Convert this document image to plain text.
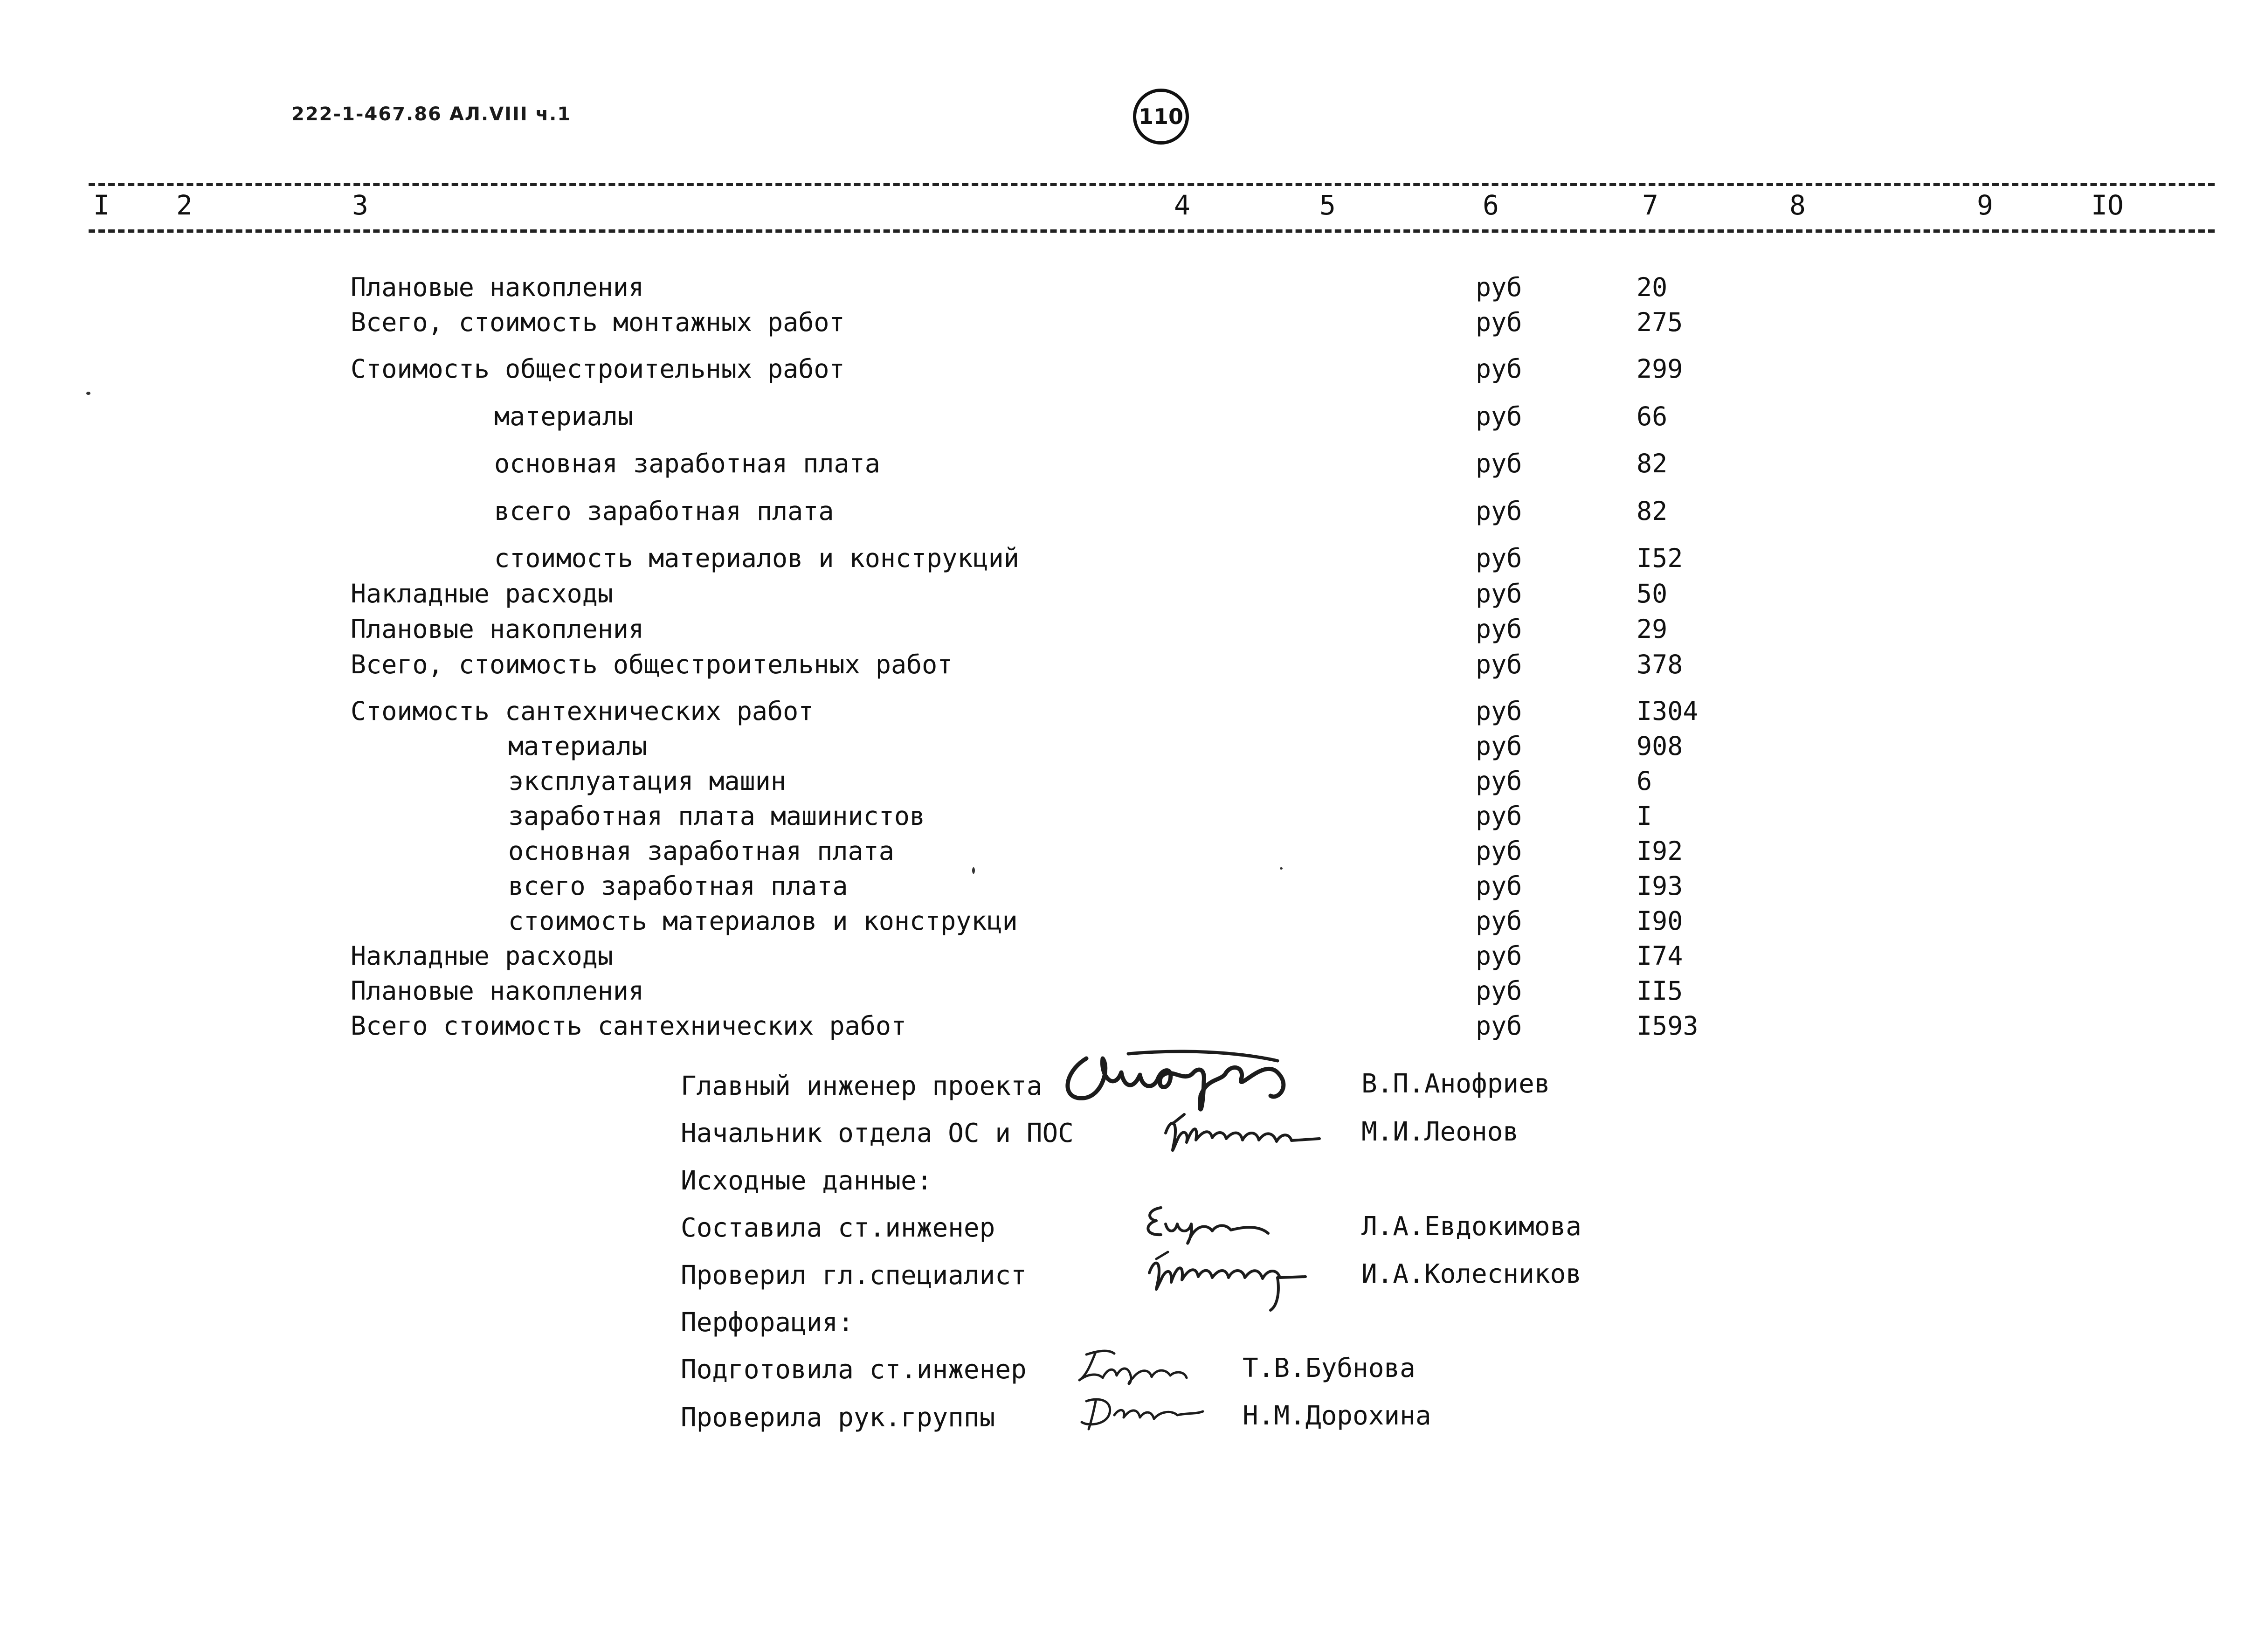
222-1-467.86 АЛ.VIII ч.1	110
I 2	3	4	5	6	7	8	9	IO
Плановые накопления	руб	20
Всего, стоимость монтажных работ	руб	275
Стоимость общестроительных работ	руб	299
материалы	руб	66
основная заработная плата	руб	82
всего заработная плата	руб	82
стоимость материалов и конструкций	руб	I52
Накладные расходы	руб	50
Плановые накопления	руб	29
Всего, стоимость общестроительных работ	руб	378
Стоимость сантехнических работ	руб	I304
материалы	руб	908
эксплуатация машин	руб	6
заработная плата машинистов	руб	I
основная заработная плата	руб	I92
всего заработная плата	руб	I93
стоимость материалов и конструкци	руб	I90
Накладные расходы	руб	I74
Плановые накопления	руб	II5
Всего стоимость сантехнических работ	руб	I593
Главный инженер проекта	В.П.Анофриев
Начальник отдела ОС и ПОС	М.И.Леонов
Исходные данные:
Составила ст.инженер	Л.А.Евдокимова
Проверил гл.специалист	И.А.Колесников
Перфорация:
Подготовила ст.инженер	Т.В.Бубнова
Проверила рук.группы	Н.М.Дорохина
